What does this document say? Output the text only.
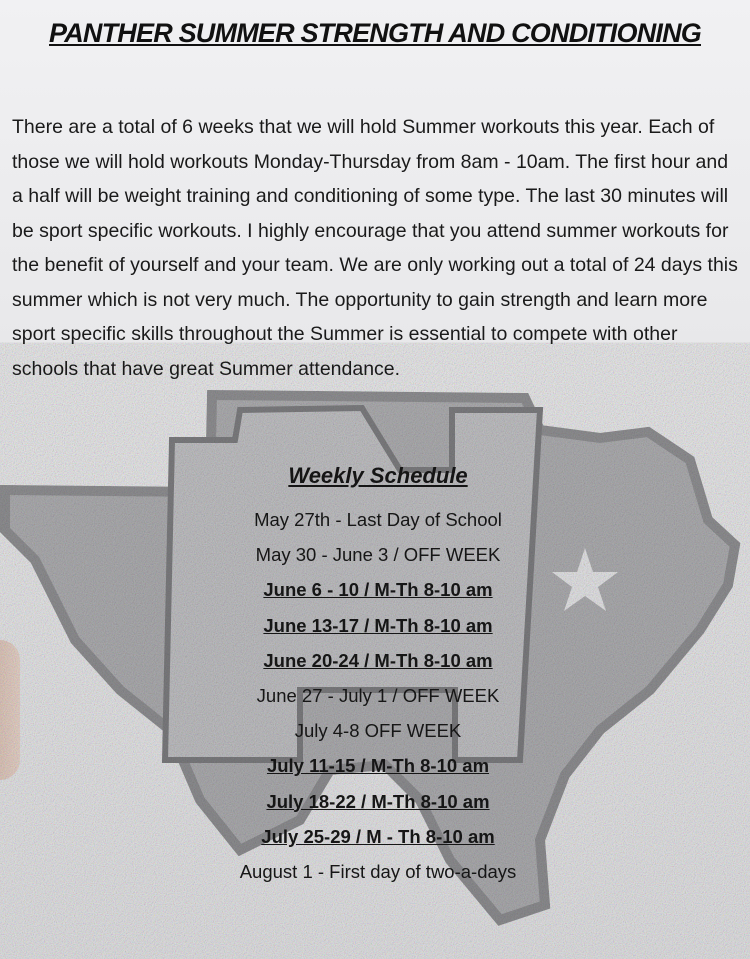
PANTHER SUMMER STRENGTH AND CONDITIONING
There are a total of 6 weeks that we will hold Summer workouts this year. Each of those we will hold workouts Monday-Thursday from 8am - 10am. The first hour and a half will be weight training and conditioning of some type. The last 30 minutes will be sport specific workouts. I highly encourage that you attend summer workouts for the benefit of yourself and your team. We are only working out a total of 24 days this summer which is not very much. The opportunity to gain strength and learn more sport specific skills throughout the Summer is essential to compete with other schools that have great Summer attendance.
Weekly Schedule
May 27th - Last Day of School
May 30 - June 3 / OFF WEEK
June 6 - 10 / M-Th 8-10 am
June 13-17 / M-Th 8-10 am
June 20-24 / M-Th 8-10 am
June 27 - July 1 / OFF WEEK
July 4-8 OFF WEEK
July 11-15 / M-Th 8-10 am
July 18-22 / M-Th 8-10 am
July 25-29 / M - Th 8-10 am
August 1 - First day of two-a-days
